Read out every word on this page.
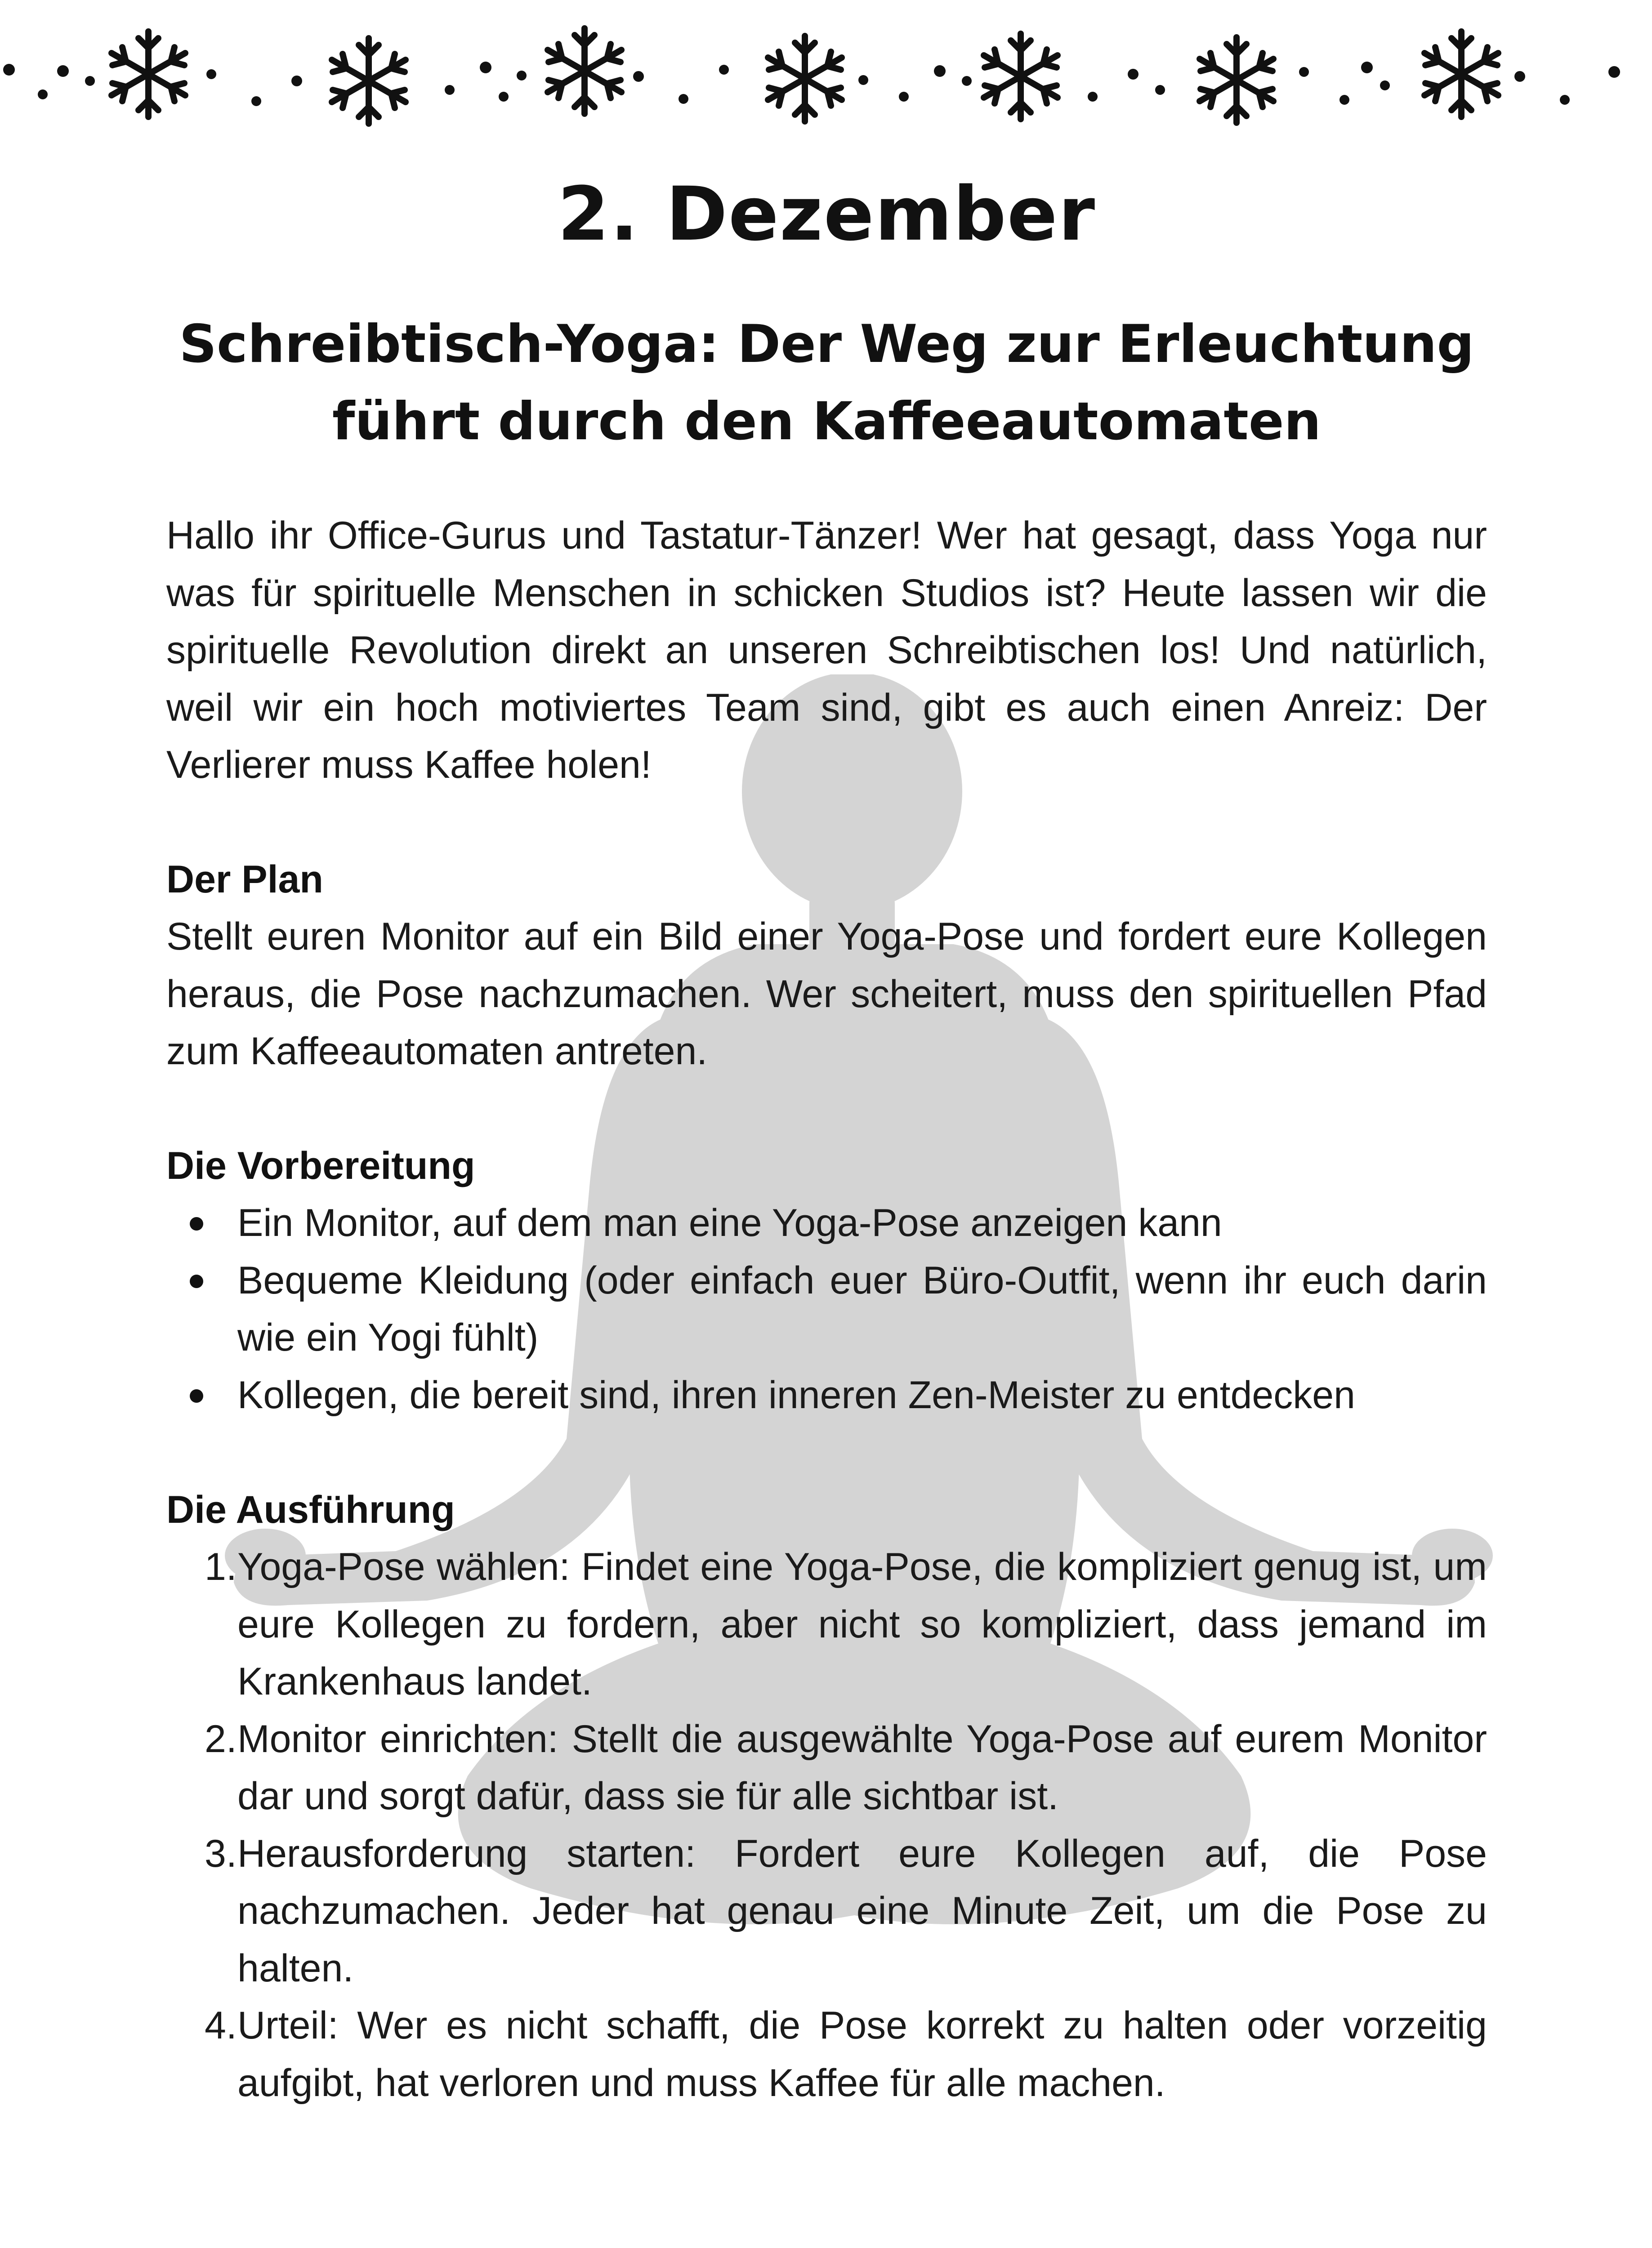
2. Dezember
Schreibtisch-Yoga: Der Weg zur Erleuchtung
führt durch den Kaffeeautomaten

Hallo ihr Office-Gurus und Tastatur-Tänzer! Wer hat gesagt, dass Yoga nur was für spirituelle Menschen in schicken Studios ist? Heute lassen wir die spirituelle Revolution direkt an unseren Schreibtischen los! Und natürlich, weil wir ein hoch motiviertes Team sind, gibt es auch einen Anreiz: Der Verlierer muss Kaffee holen!

Der Plan

Stellt euren Monitor auf ein Bild einer Yoga-Pose und fordert eure Kollegen heraus, die Pose nachzumachen. Wer scheitert, muss den spirituellen Pfad zum Kaffeeautomaten antreten.

Die Vorbereitung
Ein Monitor, auf dem man eine Yoga-Pose anzeigen kann
Bequeme Kleidung (oder einfach euer Büro-Outfit, wenn ihr euch darin wie ein Yogi fühlt)
Kollegen, die bereit sind, ihren inneren Zen-Meister zu entdecken
Die Ausführung
1. Yoga-Pose wählen: Findet eine Yoga-Pose, die kompliziert genug ist, um eure Kollegen zu fordern, aber nicht so kompliziert, dass jemand im Krankenhaus landet.
2. Monitor einrichten: Stellt die ausgewählte Yoga-Pose auf eurem Monitor dar und sorgt dafür, dass sie für alle sichtbar ist.
3. Herausforderung starten: Fordert eure Kollegen auf, die Pose nachzumachen. Jeder hat genau eine Minute Zeit, um die Pose zu halten.
4. Urteil: Wer es nicht schafft, die Pose korrekt zu halten oder vorzeitig aufgibt, hat verloren und muss Kaffee für alle machen.
